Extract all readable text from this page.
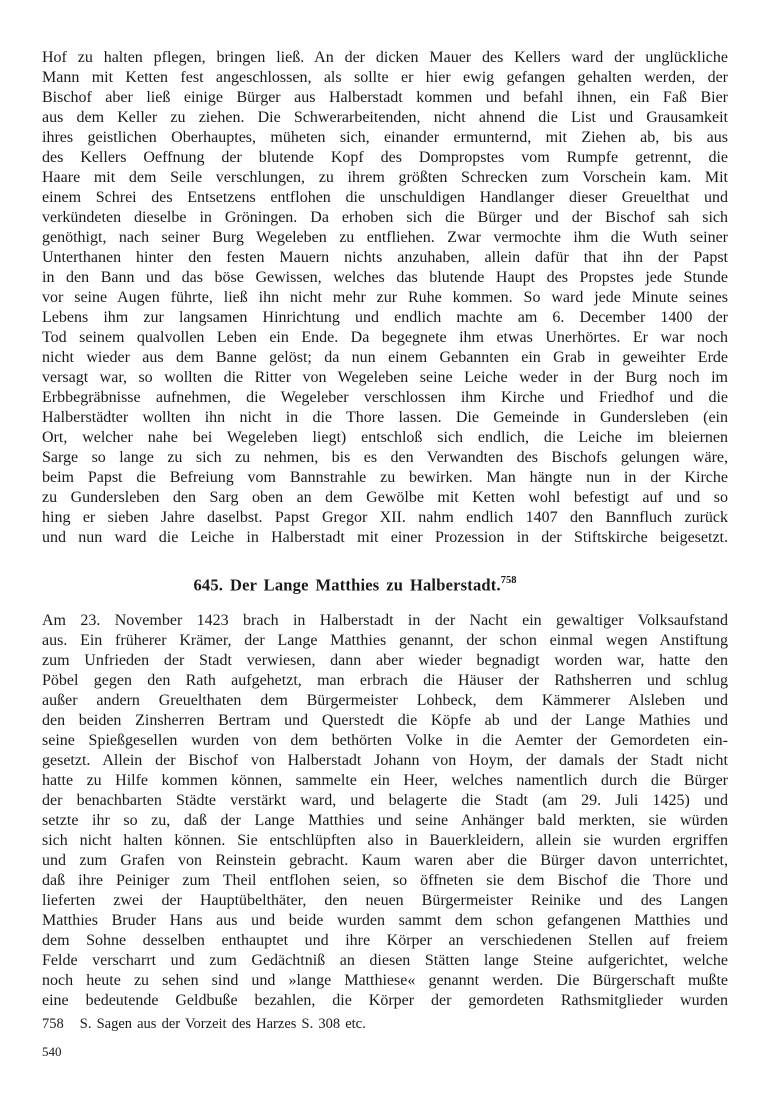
Hof zu halten pflegen, bringen ließ. An der dicken Mauer des Kellers ward der unglückliche
Mann mit Ketten fest angeschlossen, als sollte er hier ewig gefangen gehalten werden, der
Bischof aber ließ einige Bürger aus Halberstadt kommen und befahl ihnen, ein Faß Bier
aus dem Keller zu ziehen. Die Schwerarbeitenden, nicht ahnend die List und Grausamkeit
ihres geistlichen Oberhauptes, müheten sich, einander ermunternd, mit Ziehen ab, bis aus
des Kellers Oeffnung der blutende Kopf des Dompropstes vom Rumpfe getrennt, die
Haare mit dem Seile verschlungen, zu ihrem größten Schrecken zum Vorschein kam. Mit
einem Schrei des Entsetzens entflohen die unschuldigen Handlanger dieser Greuelthat und
verkündeten dieselbe in Gröningen. Da erhoben sich die Bürger und der Bischof sah sich
genöthigt, nach seiner Burg Wegeleben zu entfliehen. Zwar vermochte ihm die Wuth seiner
Unterthanen hinter den festen Mauern nichts anzuhaben, allein dafür that ihn der Papst
in den Bann und das böse Gewissen, welches das blutende Haupt des Propstes jede Stunde
vor seine Augen führte, ließ ihn nicht mehr zur Ruhe kommen. So ward jede Minute seines
Lebens ihm zur langsamen Hinrichtung und endlich machte am 6. December 1400 der
Tod seinem qualvollen Leben ein Ende. Da begegnete ihm etwas Unerhörtes. Er war noch
nicht wieder aus dem Banne gelöst; da nun einem Gebannten ein Grab in geweihter Erde
versagt war, so wollten die Ritter von Wegeleben seine Leiche weder in der Burg noch im
Erbbegräbnisse aufnehmen, die Wegeleber verschlossen ihm Kirche und Friedhof und die
Halberstädter wollten ihn nicht in die Thore lassen. Die Gemeinde in Gundersleben (ein
Ort, welcher nahe bei Wegeleben liegt) entschloß sich endlich, die Leiche im bleiernen
Sarge so lange zu sich zu nehmen, bis es den Verwandten des Bischofs gelungen wäre,
beim Papst die Befreiung vom Bannstrahle zu bewirken. Man hängte nun in der Kirche
zu Gundersleben den Sarg oben an dem Gewölbe mit Ketten wohl befestigt auf und so
hing er sieben Jahre daselbst. Papst Gregor XII. nahm endlich 1407 den Bannfluch zurück
und nun ward die Leiche in Halberstadt mit einer Prozession in der Stiftskirche beigesetzt.
645. Der Lange Matthies zu Halberstadt.$^{758}$
Am 23. November 1423 brach in Halberstadt in der Nacht ein gewaltiger Volksaufstand
aus. Ein früherer Krämer, der Lange Matthies genannt, der schon einmal wegen Anstiftung
zum Unfrieden der Stadt verwiesen, dann aber wieder begnadigt worden war, hatte den
Pöbel gegen den Rath aufgehetzt, man erbrach die Häuser der Rathsherren und schlug
außer andern Greuelthaten dem Bürgermeister Lohbeck, dem Kämmerer Alsleben und
den beiden Zinsherren Bertram und Querstedt die Köpfe ab und der Lange Mathies und
seine Spießgesellen wurden von dem bethörten Volke in die Aemter der Gemordeten ein-
gesetzt. Allein der Bischof von Halberstadt Johann von Hoym, der damals der Stadt nicht
hatte zu Hilfe kommen können, sammelte ein Heer, welches namentlich durch die Bürger
der benachbarten Städte verstärkt ward, und belagerte die Stadt (am 29. Juli 1425) und
setzte ihr so zu, daß der Lange Matthies und seine Anhänger bald merkten, sie würden
sich nicht halten können. Sie entschlüpften also in Bauerkleidern, allein sie wurden ergriffen
und zum Grafen von Reinstein gebracht. Kaum waren aber die Bürger davon unterrichtet,
daß ihre Peiniger zum Theil entflohen seien, so öffneten sie dem Bischof die Thore und
lieferten zwei der Hauptübelthäter, den neuen Bürgermeister Reinike und des Langen
Matthies Bruder Hans aus und beide wurden sammt dem schon gefangenen Matthies und
dem Sohne desselben enthauptet und ihre Körper an verschiedenen Stellen auf freiem
Felde verscharrt und zum Gedächtniß an diesen Stätten lange Steine aufgerichtet, welche
noch heute zu sehen sind und »lange Matthiese« genannt werden. Die Bürgerschaft mußte
eine bedeutende Geldbuße bezahlen, die Körper der gemordeten Rathsmitglieder wurden
758 S. Sagen aus der Vorzeit des Harzes S. 308 etc.
540
